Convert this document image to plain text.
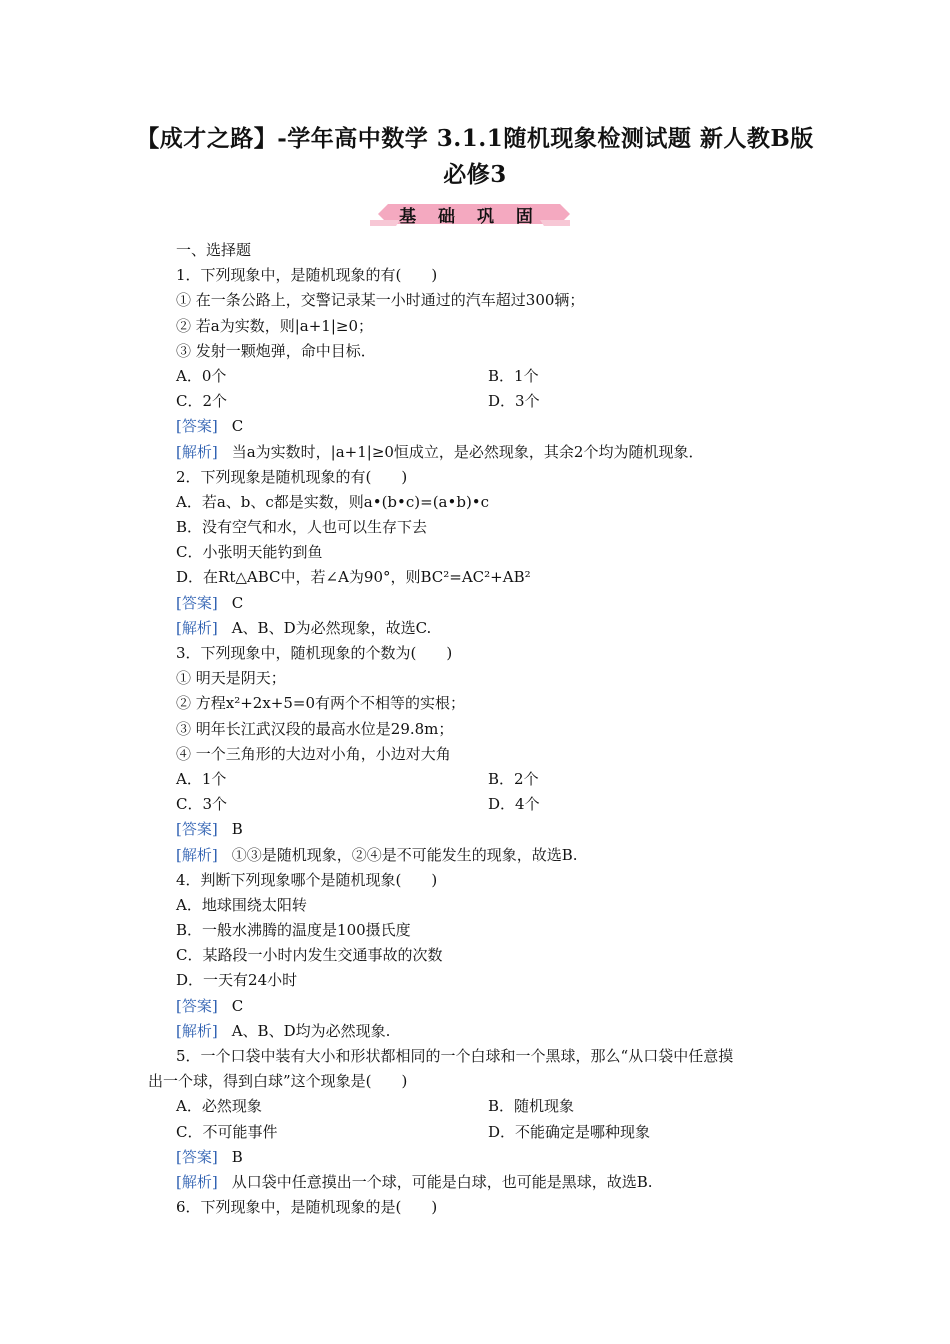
【成才之路】-学年高中数学 3.1.1随机现象检测试题 新人教B版
必修3
基 础 巩 固
一、选择题
1．下列现象中，是随机现象的有(　　)
① 在一条公路上，交警记录某一小时通过的汽车超过300辆；
② 若a为实数，则|a+1|≥0；
③ 发射一颗炮弹，命中目标．
A．0个	B．1个
C．2个	D．3个
[答案] C
[解析] 当a为实数时，|a+1|≥0恒成立，是必然现象，其余2个均为随机现象．
2．下列现象是随机现象的有(　　)
A．若a、b、c都是实数，则a•(b•c)=(a•b)•c
B．没有空气和水，人也可以生存下去
C．小张明天能钓到鱼
D．在Rt△ABC中，若∠A为90°，则BC²=AC²+AB²
[答案] C
[解析] A、B、D为必然现象，故选C.
3．下列现象中，随机现象的个数为(　　)
① 明天是阴天；
② 方程x²+2x+5=0有两个不相等的实根；
③ 明年长江武汉段的最高水位是29.8m；
④ 一个三角形的大边对小角，小边对大角
A．1个	B．2个
C．3个	D．4个
[答案] B
[解析] ①③是随机现象，②④是不可能发生的现象，故选B.
4．判断下列现象哪个是随机现象(　　)
A．地球围绕太阳转
B．一般水沸腾的温度是100摄氏度
C．某路段一小时内发生交通事故的次数
D．一天有24小时
[答案] C
[解析] A、B、D均为必然现象.
5．一个口袋中装有大小和形状都相同的一个白球和一个黑球，那么“从口袋中任意摸
出一个球，得到白球”这个现象是(　　)
A．必然现象	B．随机现象
C．不可能事件	D．不能确定是哪种现象
[答案] B
[解析] 从口袋中任意摸出一个球，可能是白球，也可能是黑球，故选B.
6．下列现象中，是随机现象的是(　　)
